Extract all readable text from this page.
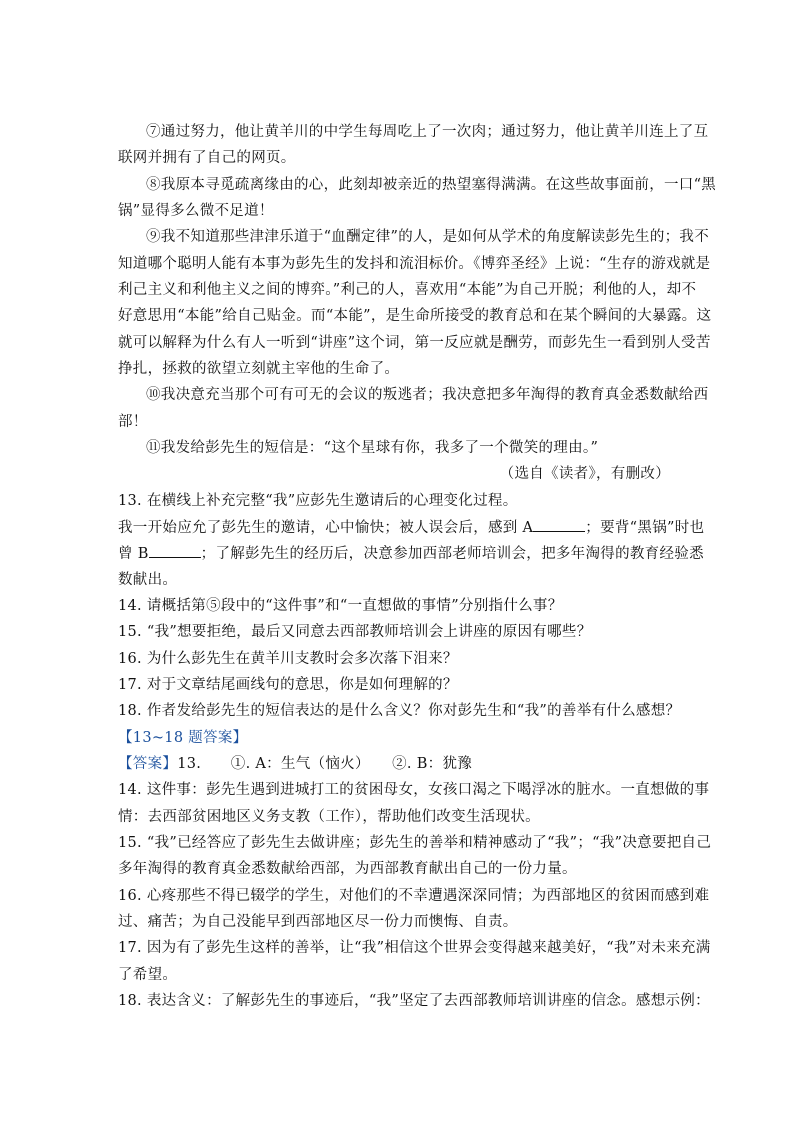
⑦通过努力，他让黄羊川的中学生每周吃上了一次肉；通过努力，他让黄羊川连上了互
联网并拥有了自己的网页。
⑧我原本寻觅疏离缘由的心，此刻却被亲近的热望塞得满满。在这些故事面前，一口“黑
锅”显得多么微不足道！
⑨我不知道那些津津乐道于“血酬定律”的人，是如何从学术的角度解读彭先生的；我不
知道哪个聪明人能有本事为彭先生的发抖和流泪标价。《博弈圣经》上说：“生存的游戏就是
利己主义和利他主义之间的博弈。”利己的人，喜欢用“本能”为自己开脱；利他的人，却不
好意思用“本能”给自己贴金。而“本能”，是生命所接受的教育总和在某个瞬间的大暴露。这
就可以解释为什么有人一听到“讲座”这个词，第一反应就是酬劳，而彭先生一看到别人受苦
挣扎，拯救的欲望立刻就主宰他的生命了。
⑩我决意充当那个可有可无的会议的叛逃者；我决意把多年淘得的教育真金悉数献给西
部！
⑪我发给彭先生的短信是：“这个星球有你，我多了一个微笑的理由。”
（选自《读者》，有删改）
13. 在横线上补充完整“我”应彭先生邀请后的心理变化过程。
我一开始应允了彭先生的邀请，心中愉快；被人误会后，感到 A	；要背“黑锅”时也
曾 B	；了解彭先生的经历后，决意参加西部老师培训会，把多年淘得的教育经验悉
数献出。
14. 请概括第⑤段中的“这件事”和“一直想做的事情”分别指什么事？
15. “我”想要拒绝，最后又同意去西部教师培训会上讲座的原因有哪些？
16. 为什么彭先生在黄羊川支教时会多次落下泪来？
17. 对于文章结尾画线句的意思，你是如何理解的？
18. 作者发给彭先生的短信表达的是什么含义？你对彭先生和“我”的善举有什么感想？
【13~18 题答案】
【答案】13.　　①. A：生气（恼火）　　②. B：犹豫
14. 这件事：彭先生遇到进城打工的贫困母女，女孩口渴之下喝浮冰的脏水。一直想做的事
情：去西部贫困地区义务支教（工作），帮助他们改变生活现状。
15. “我”已经答应了彭先生去做讲座；彭先生的善举和精神感动了“我”；“我”决意要把自己
多年淘得的教育真金悉数献给西部，为西部教育献出自己的一份力量。
16. 心疼那些不得已辍学的学生，对他们的不幸遭遇深深同情；为西部地区的贫困而感到难
过、痛苦；为自己没能早到西部地区尽一份力而懊悔、自责。
17. 因为有了彭先生这样的善举，让“我”相信这个世界会变得越来越美好，“我”对未来充满
了希望。
18. 表达含义：了解彭先生的事迹后，“我”坚定了去西部教师培训讲座的信念。感想示例：
